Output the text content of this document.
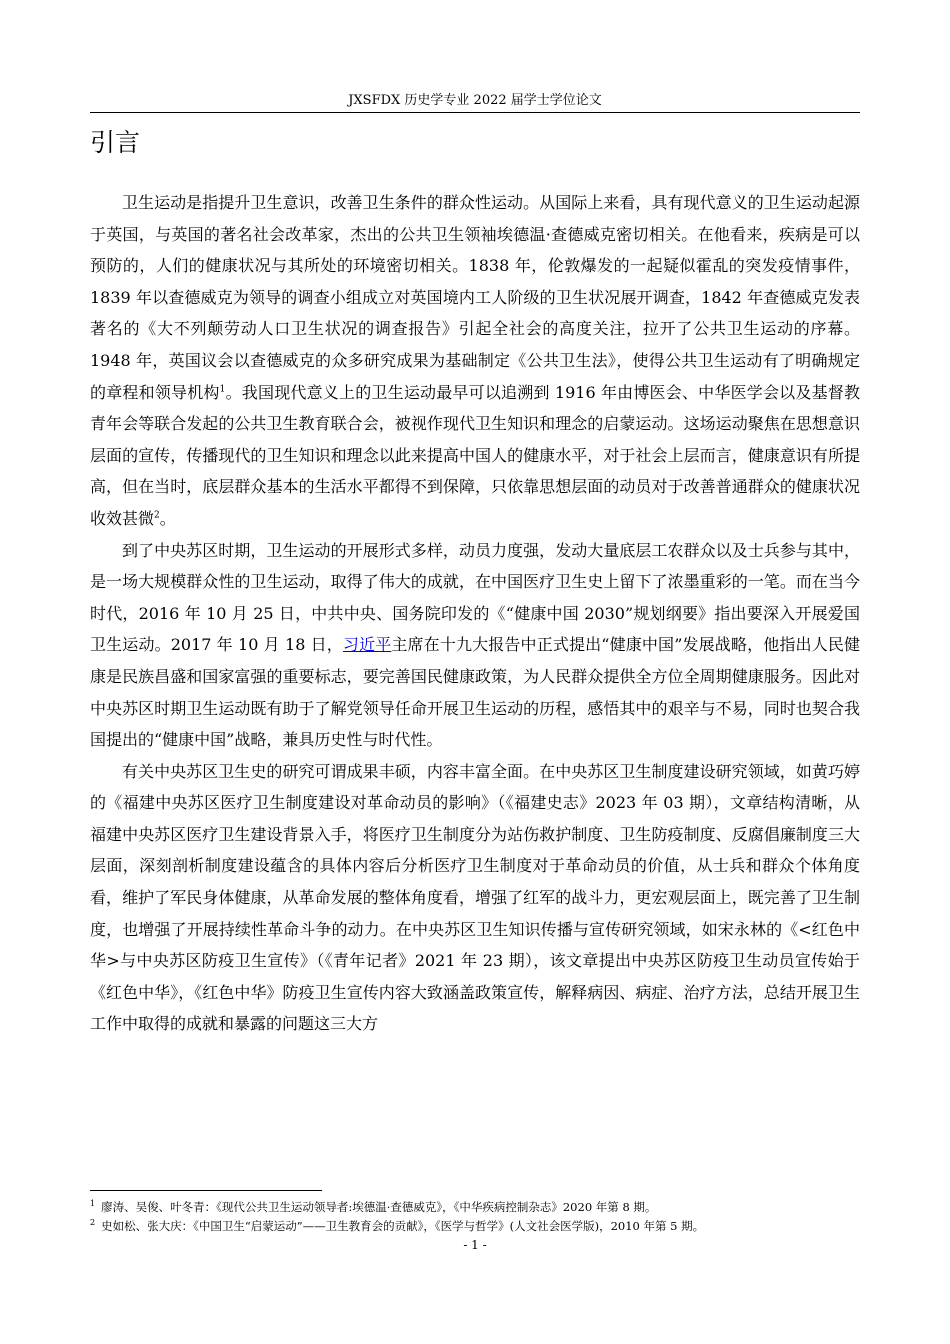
JXSFDX 历史学专业 2022 届学士学位论文
引言

卫生运动是指提升卫生意识，改善卫生条件的群众性运动。从国际上来看，具有现代意义的卫生运动起源于英国，与英国的著名社会改革家，杰出的公共卫生领袖埃德温·查德威克密切相关。在他看来，疾病是可以预防的，人们的健康状况与其所处的环境密切相关。1838 年，伦敦爆发的一起疑似霍乱的突发疫情事件，1839 年以查德威克为领导的调查小组成立对英国境内工人阶级的卫生状况展开调查，1842 年查德威克发表著名的《大不列颠劳动人口卫生状况的调查报告》引起全社会的高度关注，拉开了公共卫生运动的序幕。1948 年，英国议会以查德威克的众多研究成果为基础制定《公共卫生法》，使得公共卫生运动有了明确规定的章程和领导机构$^1$。我国现代意义上的卫生运动最早可以追溯到 1916 年由博医会、中华医学会以及基督教青年会等联合发起的公共卫生教育联合会，被视作现代卫生知识和理念的启蒙运动。这场运动聚焦在思想意识层面的宣传，传播现代的卫生知识和理念以此来提高中国人的健康水平，对于社会上层而言，健康意识有所提高，但在当时，底层群众基本的生活水平都得不到保障，只依靠思想层面的动员对于改善普通群众的健康状况收效甚微$^2$。

到了中央苏区时期，卫生运动的开展形式多样，动员力度强，发动大量底层工农群众以及士兵参与其中，是一场大规模群众性的卫生运动，取得了伟大的成就，在中国医疗卫生史上留下了浓墨重彩的一笔。而在当今时代，2016 年 10 月 25 日，中共中央、国务院印发的《“健康中国 2030”规划纲要》指出要深入开展爱国卫生运动。2017 年 10 月 18 日，习近平主席在十九大报告中正式提出“健康中国”发展战略，他指出人民健康是民族昌盛和国家富强的重要标志，要完善国民健康政策，为人民群众提供全方位全周期健康服务。因此对中央苏区时期卫生运动既有助于了解党领导任命开展卫生运动的历程，感悟其中的艰辛与不易，同时也契合我国提出的“健康中国”战略，兼具历史性与时代性。

有关中央苏区卫生史的研究可谓成果丰硕，内容丰富全面。在中央苏区卫生制度建设研究领域，如黄巧婷的《福建中央苏区医疗卫生制度建设对革命动员的影响》（《福建史志》2023 年 03 期），文章结构清晰，从福建中央苏区医疗卫生建设背景入手，将医疗卫生制度分为站伤救护制度、卫生防疫制度、反腐倡廉制度三大层面，深刻剖析制度建设蕴含的具体内容后分析医疗卫生制度对于革命动员的价值，从士兵和群众个体角度看，维护了军民身体健康，从革命发展的整体角度看，增强了红军的战斗力，更宏观层面上，既完善了卫生制度，也增强了开展持续性革命斗争的动力。在中央苏区卫生知识传播与宣传研究领域，如宋永林的《<红色中华>与中央苏区防疫卫生宣传》（《青年记者》2021 年 23 期），该文章提出中央苏区防疫卫生动员宣传始于《红色中华》，《红色中华》防疫卫生宣传内容大致涵盖政策宣传，解释病因、病症、治疗方法，总结开展卫生工作中取得的成就和暴露的问题这三大方

$^1$ 廖涛、吴俊、叶冬青：《现代公共卫生运动领导者:埃德温·查德威克》，《中华疾病控制杂志》2020 年第 8 期。
$^2$ 史如松、张大庆：《中国卫生“启蒙运动”——卫生教育会的贡献》，《医学与哲学》(人文社会医学版)，2010 年第 5 期。
- 1 -
